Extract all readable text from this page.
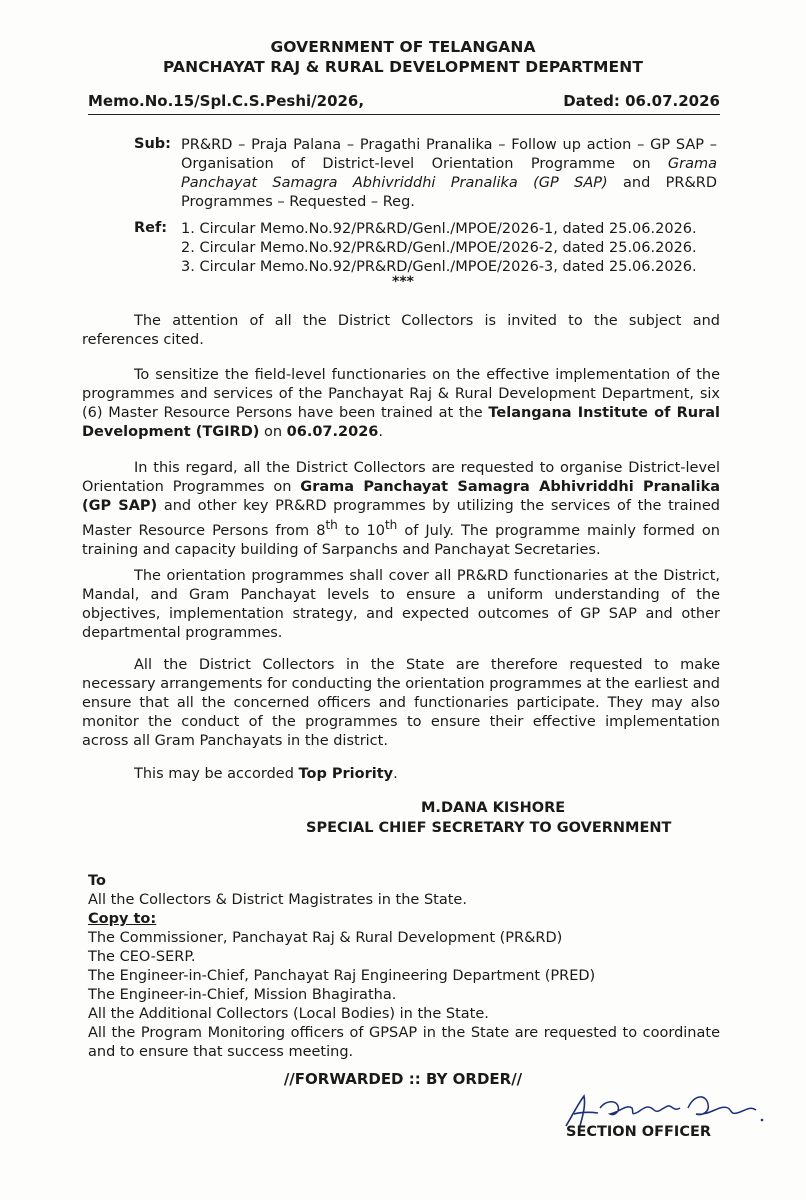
GOVERNMENT OF TELANGANA
PANCHAYAT RAJ & RURAL DEVELOPMENT DEPARTMENT
Memo.No.15/Spl.C.S.Peshi/2026,	Dated: 06.07.2026
Sub: PR&RD – Praja Palana – Pragathi Pranalika – Follow up action – GP SAP – Organisation of District-level Orientation Programme on Grama Panchayat Samagra Abhivriddhi Pranalika (GP SAP) and PR&RD Programmes – Requested – Reg.
Ref: 1. Circular Memo.No.92/PR&RD/Genl./MPOE/2026-1, dated 25.06.2026.
2. Circular Memo.No.92/PR&RD/Genl./MPOE/2026-2, dated 25.06.2026.
3. Circular Memo.No.92/PR&RD/Genl./MPOE/2026-3, dated 25.06.2026.
***
The attention of all the District Collectors is invited to the subject and references cited.
To sensitize the field-level functionaries on the effective implementation of the programmes and services of the Panchayat Raj & Rural Development Department, six (6) Master Resource Persons have been trained at the Telangana Institute of Rural Development (TGIRD) on 06.07.2026.
In this regard, all the District Collectors are requested to organise District-level Orientation Programmes on Grama Panchayat Samagra Abhivriddhi Pranalika (GP SAP) and other key PR&RD programmes by utilizing the services of the trained Master Resource Persons from 8th to 10th of July. The programme mainly formed on training and capacity building of Sarpanchs and Panchayat Secretaries.
The orientation programmes shall cover all PR&RD functionaries at the District, Mandal, and Gram Panchayat levels to ensure a uniform understanding of the objectives, implementation strategy, and expected outcomes of GP SAP and other departmental programmes.
All the District Collectors in the State are therefore requested to make necessary arrangements for conducting the orientation programmes at the earliest and ensure that all the concerned officers and functionaries participate. They may also monitor the conduct of the programmes to ensure their effective implementation across all Gram Panchayats in the district.
This may be accorded Top Priority.
M.DANA KISHORE
SPECIAL CHIEF SECRETARY TO GOVERNMENT
To
All the Collectors & District Magistrates in the State.
Copy to:
The Commissioner, Panchayat Raj & Rural Development (PR&RD)
The CEO-SERP.
The Engineer-in-Chief, Panchayat Raj Engineering Department (PRED)
The Engineer-in-Chief, Mission Bhagiratha.
All the Additional Collectors (Local Bodies) in the State.
All the Program Monitoring officers of GPSAP in the State are requested to coordinate and to ensure that success meeting.
//FORWARDED :: BY ORDER//
SECTION OFFICER
